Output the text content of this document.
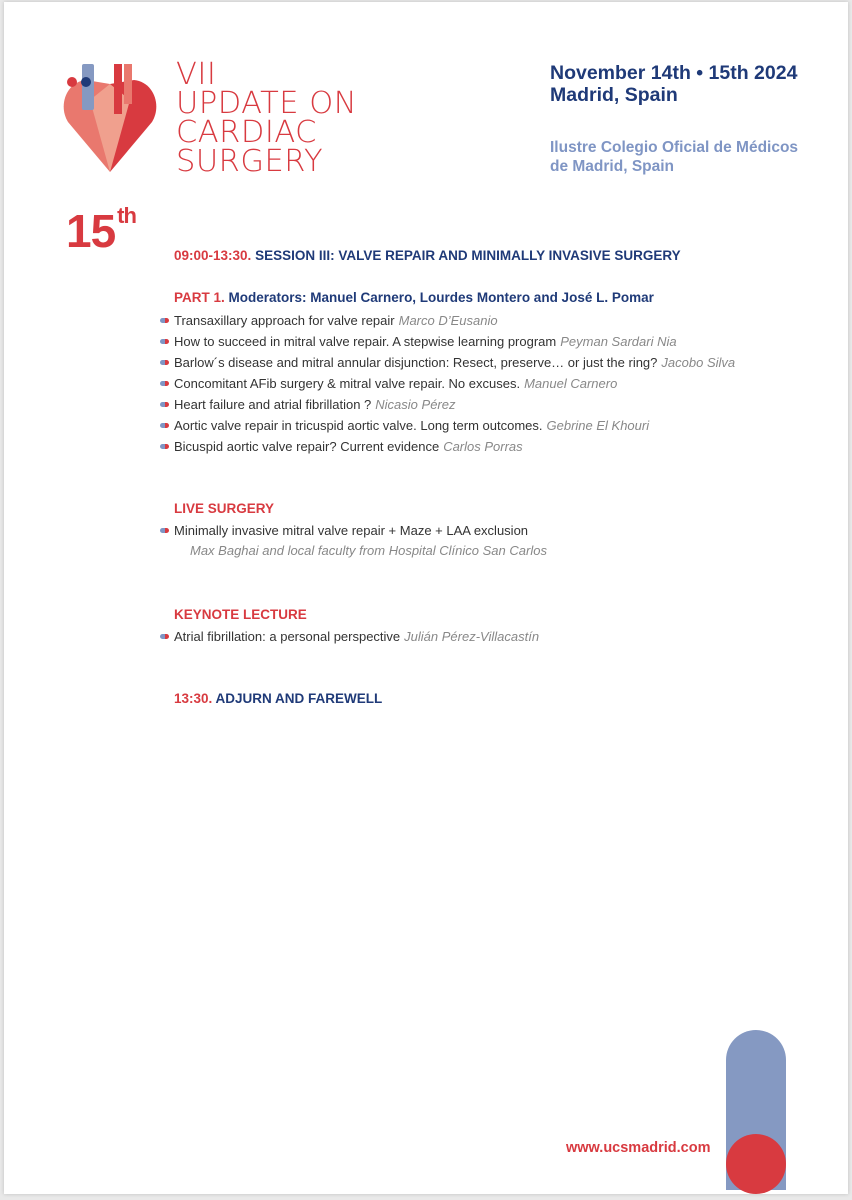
VII
UPDATE ON
CARDIAC
SURGERY
15th
November 14th • 15th 2024
Madrid, Spain
Ilustre Colegio Oficial de Médicos
de Madrid, Spain
09:00-13:30. SESSION III: VALVE REPAIR AND MINIMALLY INVASIVE SURGERY
PART 1. Moderators: Manuel Carnero, Lourdes Montero and José L. Pomar
Transaxillary approach for valve repair Marco D’Eusanio
How to succeed in mitral valve repair. A stepwise learning program Peyman Sardari Nia
Barlow´s disease and mitral annular disjunction: Resect, preserve… or just the ring? Jacobo Silva
Concomitant AFib surgery & mitral valve repair. No excuses. Manuel Carnero
Heart failure and atrial fibrillation ? Nicasio Pérez
Aortic valve repair in tricuspid aortic valve. Long term outcomes. Gebrine El Khouri
Bicuspid aortic valve repair? Current evidence Carlos Porras
LIVE SURGERY
Minimally invasive mitral valve repair + Maze + LAA exclusion
Max Baghai and local faculty from Hospital Clínico San Carlos
KEYNOTE LECTURE
Atrial fibrillation: a personal perspective Julián Pérez-Villacastín
13:30. ADJURN AND FAREWELL
www.ucsmadrid.com
